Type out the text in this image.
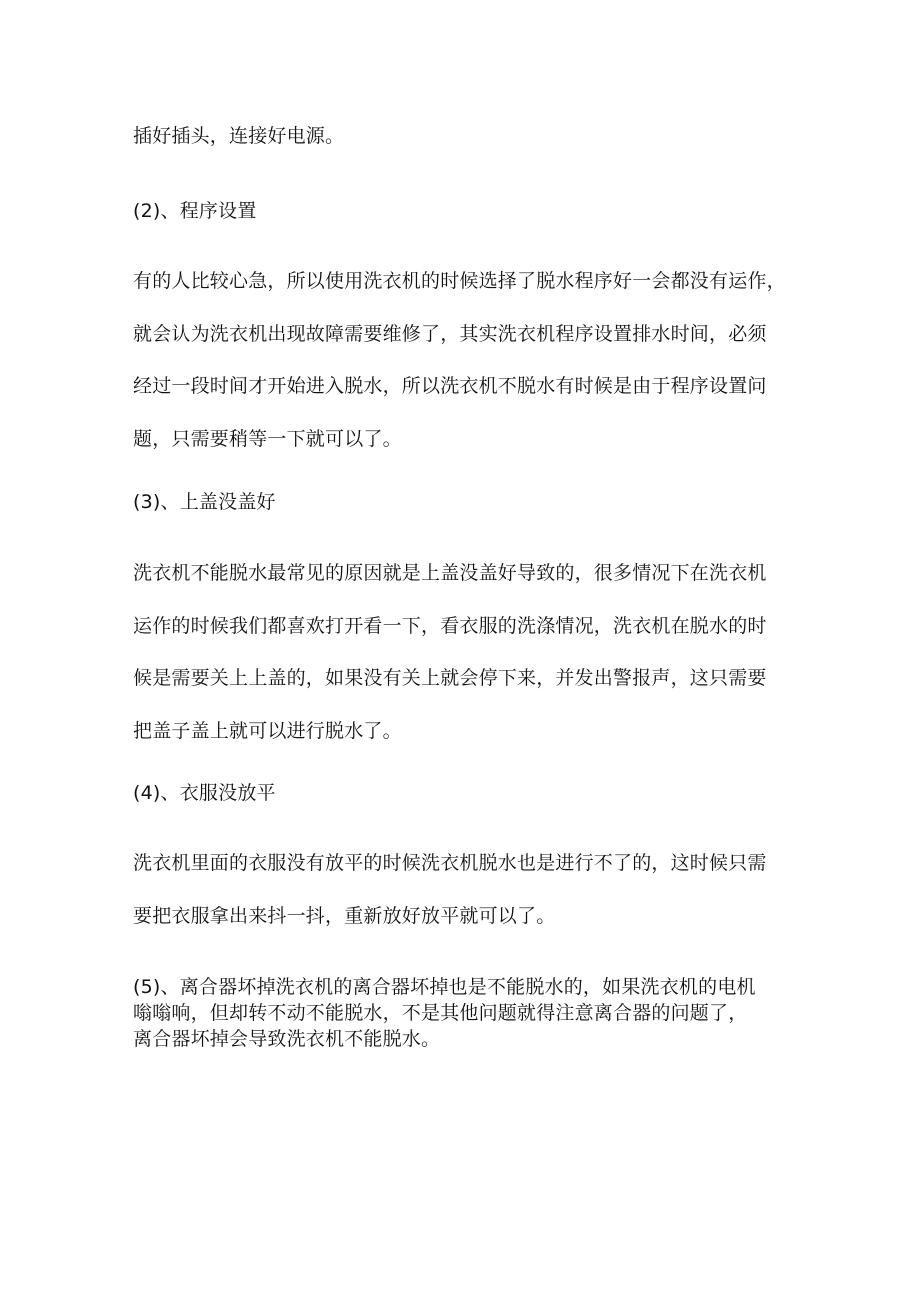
插好插头，连接好电源。
(2)、程序设置
有的人比较心急，所以使用洗衣机的时候选择了脱水程序好一会都没有运作，
就会认为洗衣机出现故障需要维修了，其实洗衣机程序设置排水时间，必须
经过一段时间才开始进入脱水，所以洗衣机不脱水有时候是由于程序设置问
题，只需要稍等一下就可以了。
(3)、上盖没盖好
洗衣机不能脱水最常见的原因就是上盖没盖好导致的，很多情况下在洗衣机
运作的时候我们都喜欢打开看一下，看衣服的洗涤情况，洗衣机在脱水的时
候是需要关上上盖的，如果没有关上就会停下来，并发出警报声，这只需要
把盖子盖上就可以进行脱水了。
(4)、衣服没放平
洗衣机里面的衣服没有放平的时候洗衣机脱水也是进行不了的，这时候只需
要把衣服拿出来抖一抖，重新放好放平就可以了。
(5)、离合器坏掉洗衣机的离合器坏掉也是不能脱水的，如果洗衣机的电机
嗡嗡响，但却转不动不能脱水，不是其他问题就得注意离合器的问题了，
离合器坏掉会导致洗衣机不能脱水。
